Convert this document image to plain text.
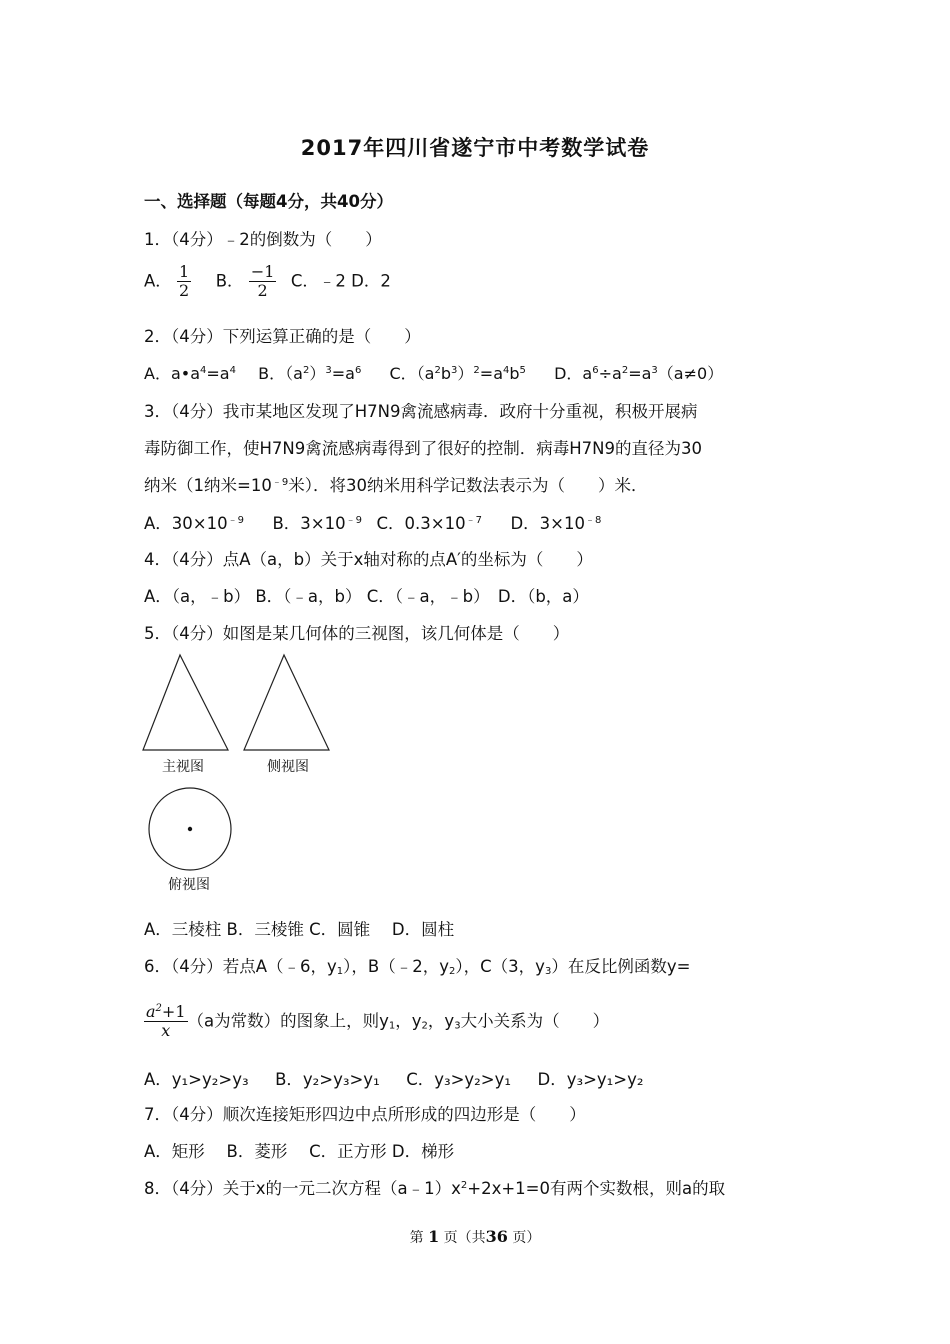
2017年四川省遂宁市中考数学试卷
一、选择题（每题4分，共40分）
1．（4分）﹣2的倒数为（　　）
A． $\frac{1}{2}$ B． $\frac{-1}{2}$ C．﹣2 D．2
2．（4分）下列运算正确的是（　　）
A．$a•a^4=a^4$ B．$(a^2)^3=a^6$ C．$(a^2b^3)^2=a^4b^5$ D．$a^6\div a^2=a^3(a\ne 0)$
3．（4分）我市某地区发现了H7N9禽流感病毒．政府十分重视，积极开展病
毒防御工作，使H7N9禽流感病毒得到了很好的控制．病毒H7N9的直径为30
纳米（1纳米$=10^{﹣9}$米）．将30纳米用科学记数法表示为（　　）米．
A．$30\times 10^{﹣9}$ B．$3\times 10^{﹣9}$ C．$0.3\times 10^{﹣7}$ D．$3\times 10^{﹣8}$
4．（4分）点A（a，b）关于x轴对称的点A′的坐标为（　　）
A．（a，﹣b） B．（﹣a，b） C．（﹣a，﹣b）　D．（b，a）
5．（4分）如图是某几何体的三视图，该几何体是（　　）
主视图	侧视图
俯视图
A．三棱柱 B．三棱锥 C．圆锥　 D．圆柱
6．（4分）若点A（﹣6，$y_1$），B（﹣2，$y_2$），C（3，$y_3$）在反比例函数y=
$\frac{a^2+1}{x} (a$为常数）的图象上，则$y_1$，$y_2$，$y_3$大小关系为（　　）
A．y₁>y₂>y₃ B．y₂>y₃>y₁ C．y₃>y₂>y₁ D．y₃>y₁>y₂
7．（4分）顺次连接矩形四边中点所形成的四边形是（　　）
A．矩形　 B．菱形　 C．正方形 D．梯形
8．（4分）关于x的一元二次方程$(a﹣1)x^2+2x+1=0$有两个实数根，则a的取
第 1 页（共36 页）
